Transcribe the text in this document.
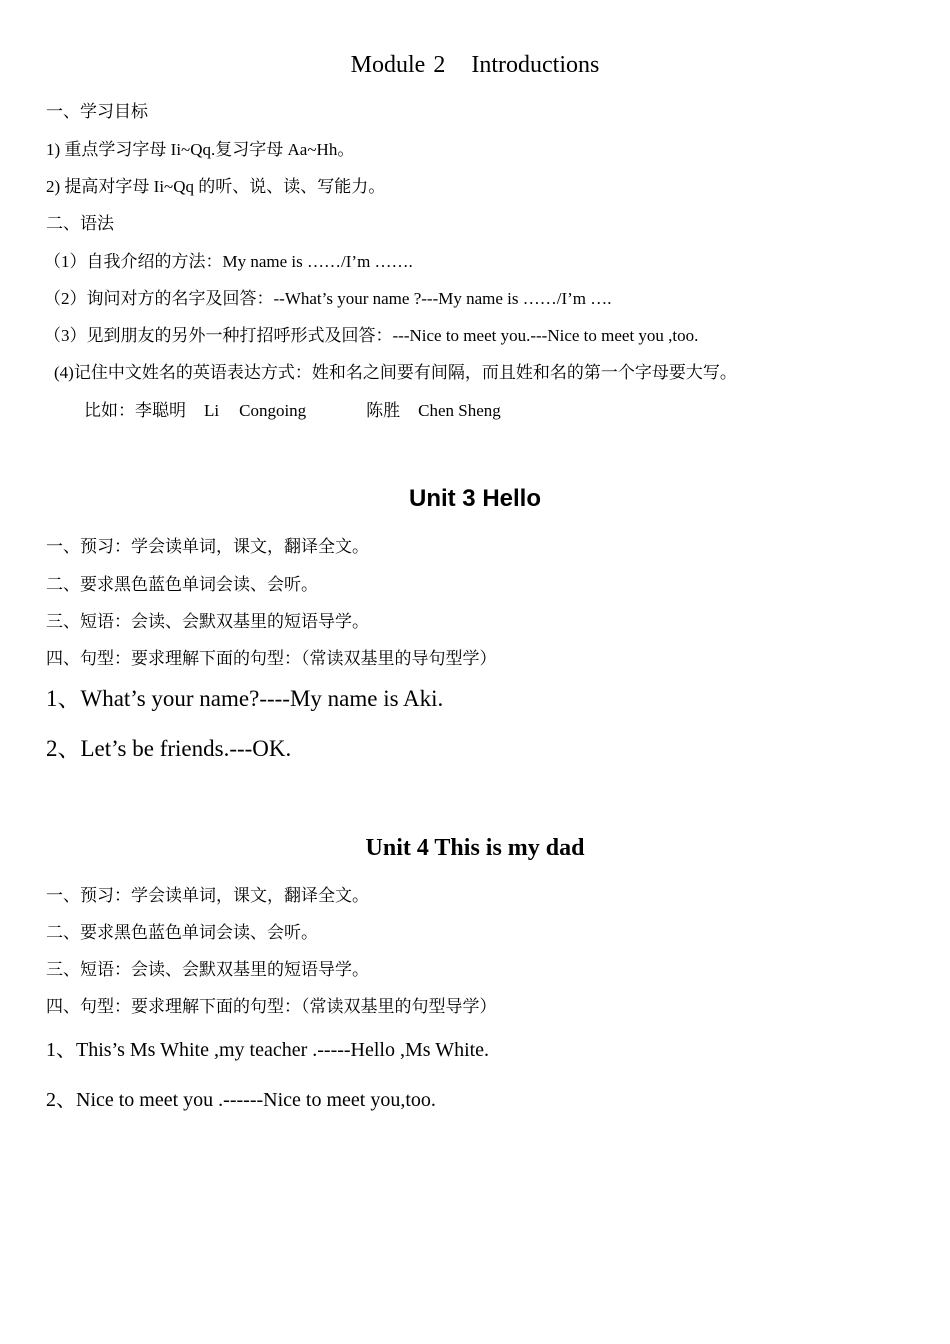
Module 2 Introductions
一、学习目标
1) 重点学习字母 Ii~Qq.复习字母 Aa~Hh。
2) 提高对字母 Ii~Qq 的听、说、读、写能力。
二、语法
（1）自我介绍的方法：My name is ……/I’m …….
（2）询问对方的名字及回答：--What’s your name ?---My name is ……/I’m ….
（3）见到朋友的另外一种打招呼形式及回答：---Nice to meet you.---Nice to meet you ,too.
(4)记住中文姓名的英语表达方式：姓和名之间要有间隔，而且姓和名的第一个字母要大写。
比如：李聪明 Li Congoing	陈胜 Chen Sheng
Unit 3 Hello
一、预习：学会读单词，课文，翻译全文。
二、要求黑色蓝色单词会读、会听。
三、短语：会读、会默双基里的短语导学。
四、句型：要求理解下面的句型：（常读双基里的导句型学）
1、What’s your name?----My name is Aki.
2、Let’s be friends.---OK.
Unit 4 This is my dad
一、预习：学会读单词，课文，翻译全文。
二、要求黑色蓝色单词会读、会听。
三、短语：会读、会默双基里的短语导学。
四、句型：要求理解下面的句型：（常读双基里的句型导学）
1、This’s Ms White ,my teacher .-----Hello ,Ms White.
2、Nice to meet you .------Nice to meet you,too.
